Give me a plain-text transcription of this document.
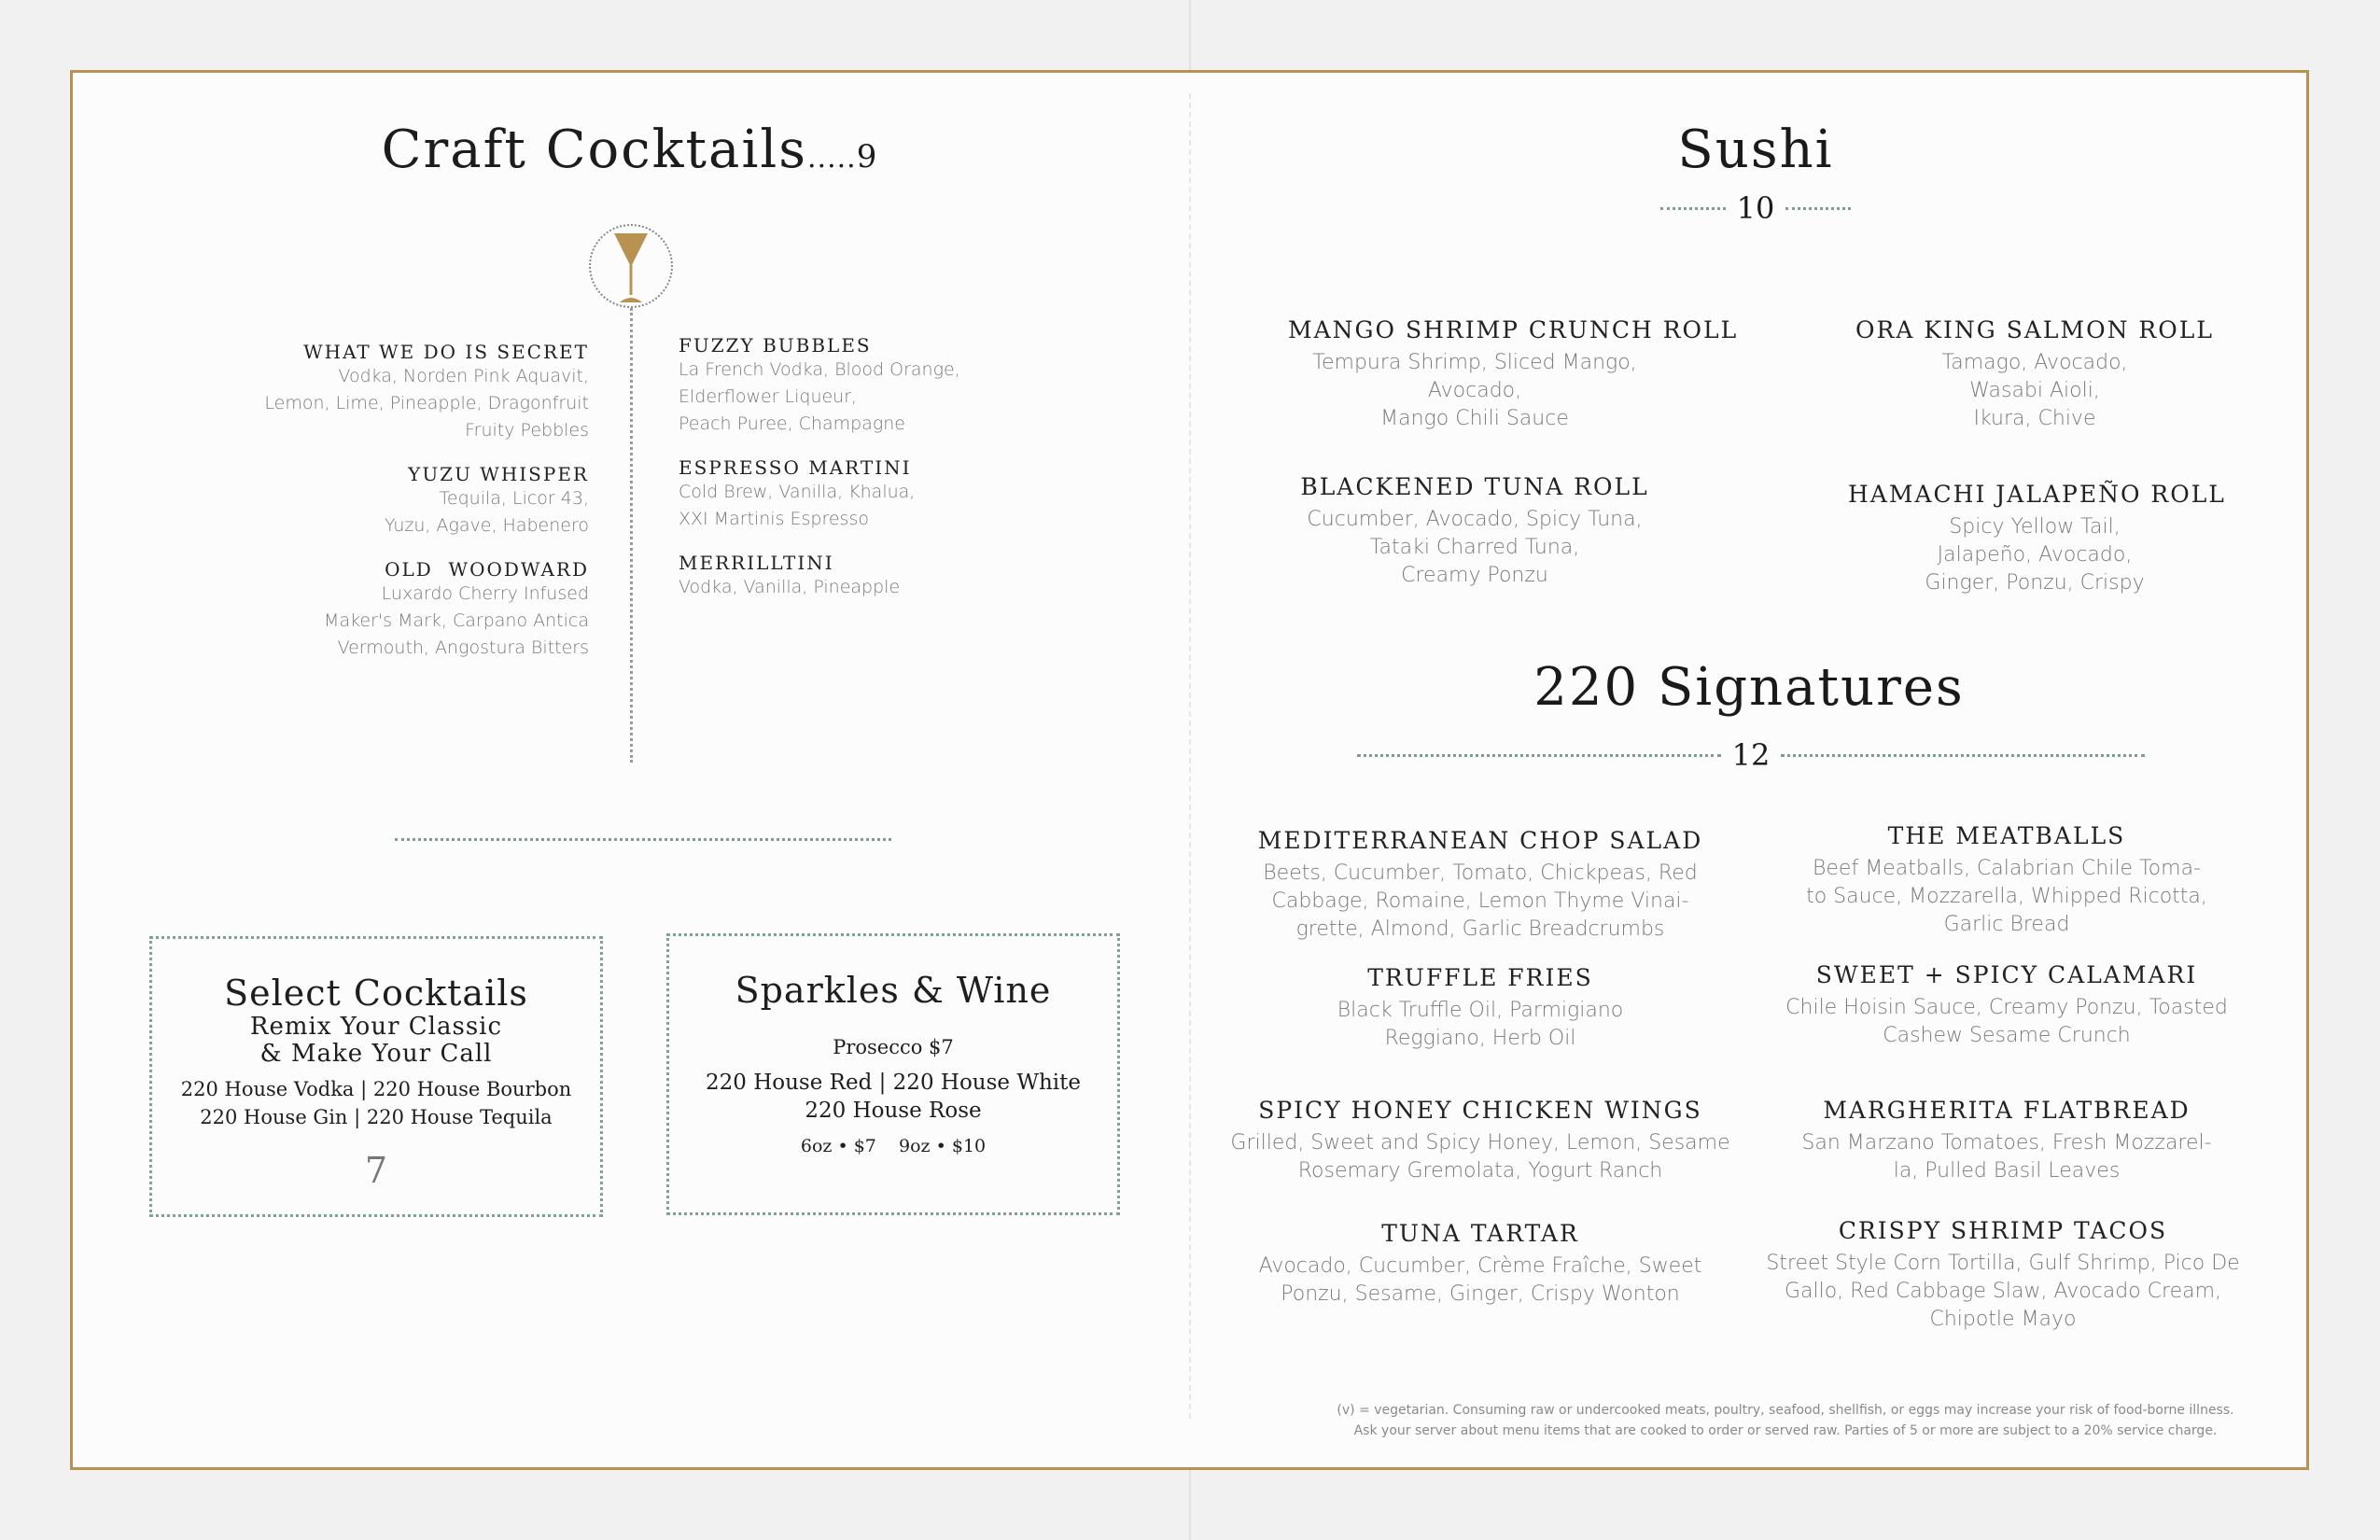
Craft Cocktails.....9
WHAT WE DO IS SECRET
Vodka, Norden Pink Aquavit,
Lemon, Lime, Pineapple, Dragonfruit
Fruity Pebbles
YUZU WHISPER
Tequila, Licor 43,
Yuzu, Agave, Habenero
OLD  WOODWARD
Luxardo Cherry Infused
Maker's Mark, Carpano Antica
Vermouth, Angostura Bitters
FUZZY BUBBLES
La French Vodka, Blood Orange,
Elderflower Liqueur,
Peach Puree, Champagne
ESPRESSO MARTINI
Cold Brew, Vanilla, Khalua,
XXI Martinis Espresso
MERRILLTINI
Vodka, Vanilla, Pineapple
Select Cocktails
Remix Your Classic
& Make Your Call
220 House Vodka | 220 House Bourbon
220 House Gin | 220 House Tequila
7
Sparkles & Wine
Prosecco $7
220 House Red | 220 House White
220 House Rose
6oz • $7    9oz • $10
Sushi
10
MANGO SHRIMP CRUNCH ROLL
Tempura Shrimp, Sliced Mango,
Avocado,
Mango Chili Sauce
ORA KING SALMON ROLL
Tamago, Avocado,
Wasabi Aioli,
Ikura, Chive
BLACKENED TUNA ROLL
Cucumber, Avocado, Spicy Tuna,
Tataki Charred Tuna,
Creamy Ponzu
HAMACHI JALAPEÑO ROLL
Spicy Yellow Tail,
Jalapeño, Avocado,
Ginger, Ponzu, Crispy
220 Signatures
12
MEDITERRANEAN CHOP SALAD
Beets, Cucumber, Tomato, Chickpeas, Red
Cabbage, Romaine, Lemon Thyme Vinai-
grette, Almond, Garlic Breadcrumbs
THE MEATBALLS
Beef Meatballs, Calabrian Chile Toma-
to Sauce, Mozzarella, Whipped Ricotta,
Garlic Bread
TRUFFLE FRIES
Black Truffle Oil, Parmigiano
Reggiano, Herb Oil
SWEET + SPICY CALAMARI
Chile Hoisin Sauce, Creamy Ponzu, Toasted
Cashew Sesame Crunch
SPICY HONEY CHICKEN WINGS
Grilled, Sweet and Spicy Honey, Lemon, Sesame
Rosemary Gremolata, Yogurt Ranch
MARGHERITA FLATBREAD
San Marzano Tomatoes, Fresh Mozzarel-
la, Pulled Basil Leaves
TUNA TARTAR
Avocado, Cucumber, Crème Fraîche, Sweet
Ponzu, Sesame, Ginger, Crispy Wonton
CRISPY SHRIMP TACOS
Street Style Corn Tortilla, Gulf Shrimp, Pico De
Gallo, Red Cabbage Slaw, Avocado Cream,
Chipotle Mayo
(v) = vegetarian. Consuming raw or undercooked meats, poultry, seafood, shellfish, or eggs may increase your risk of food-borne illness.
Ask your server about menu items that are cooked to order or served raw. Parties of 5 or more are subject to a 20% service charge.
